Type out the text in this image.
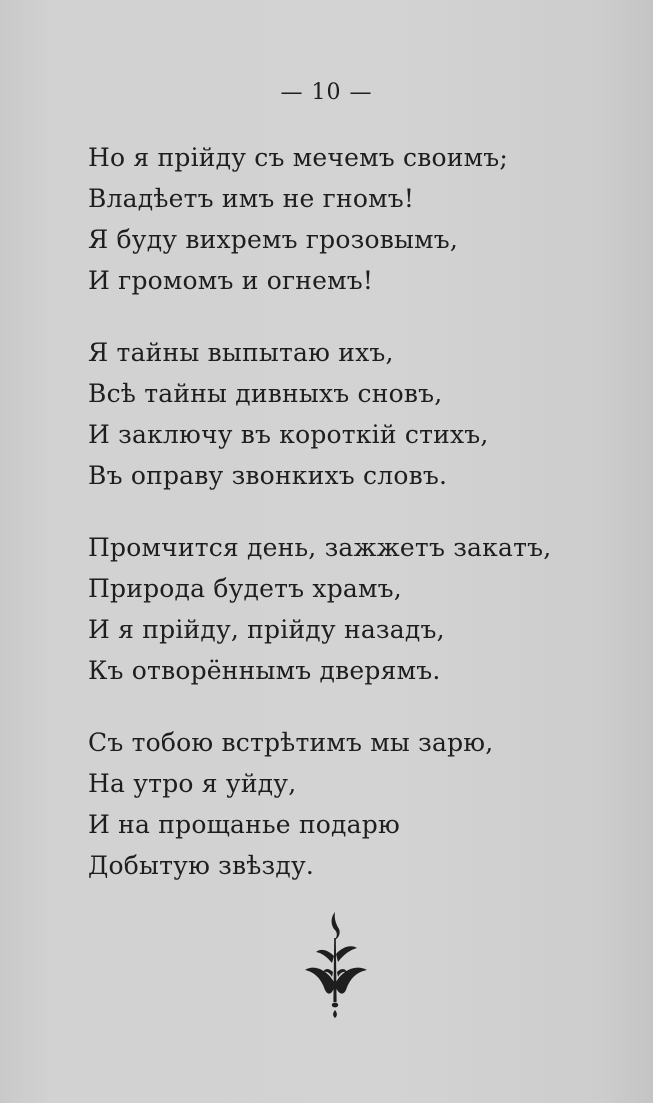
— 10 —
Но я прійду съ мечемъ своимъ;
Владѣетъ имъ не гномъ!
Я буду вихремъ грозовымъ,
И громомъ и огнемъ!
Я тайны выпытаю ихъ,
Всѣ тайны дивныхъ сновъ,
И заключу въ короткій стихъ,
Въ оправу звонкихъ словъ.
Промчится день, зажжетъ закатъ,
Природа будетъ храмъ,
И я прійду, прійду назадъ,
Къ отворённымъ дверямъ.
Съ тобою встрѣтимъ мы зарю,
На утро я уйду,
И на прощанье подарю
Добытую звѣзду.
